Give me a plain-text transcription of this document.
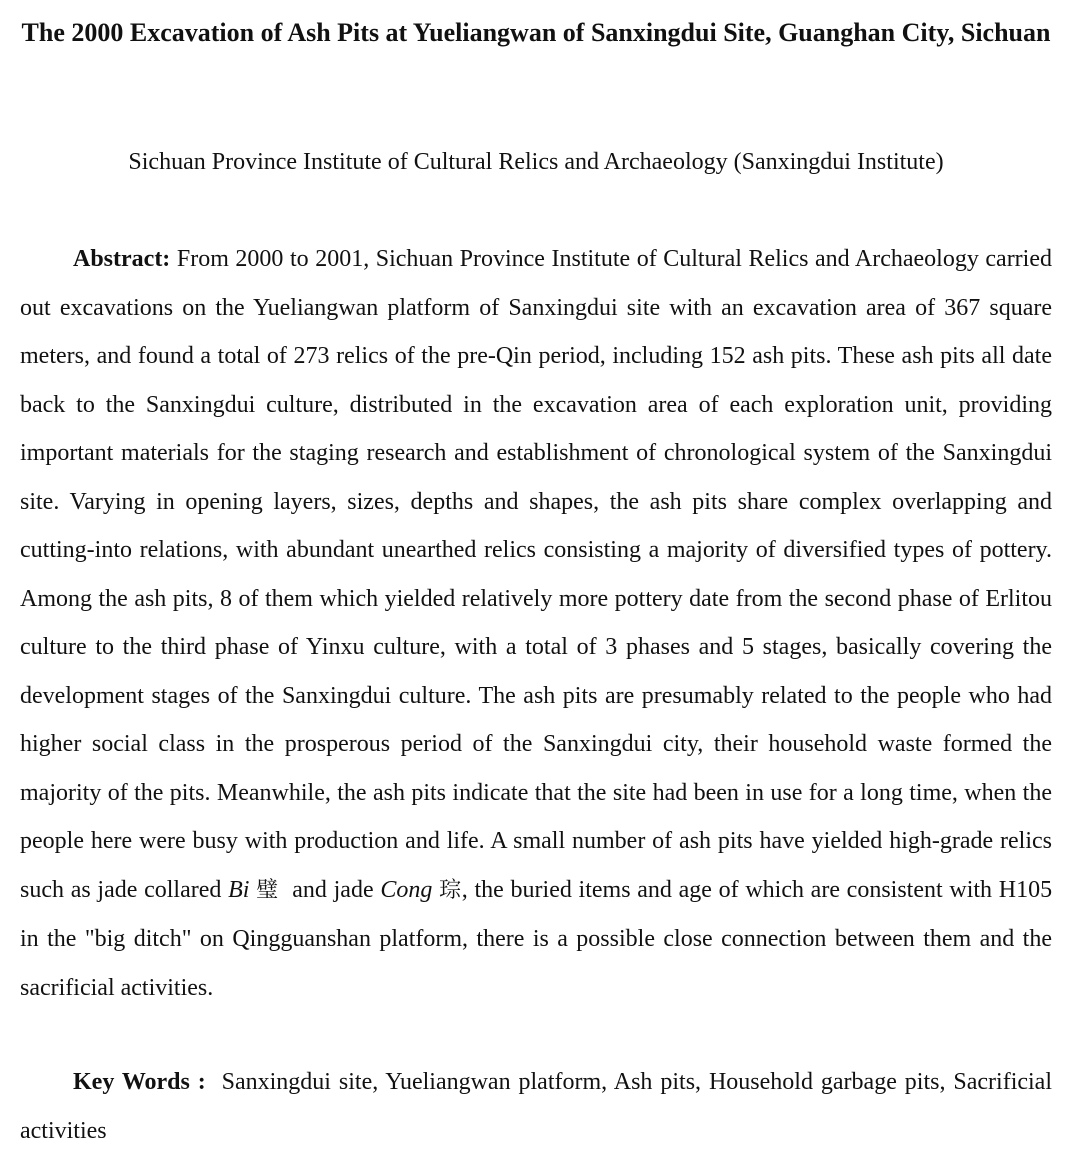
The 2000 Excavation of Ash Pits at Yueliangwan of Sanxingdui Site, Guanghan City, Sichuan

Sichuan Province Institute of Cultural Relics and Archaeology (Sanxingdui Institute)

Abstract: From 2000 to 2001, Sichuan Province Institute of Cultural Relics and Archaeology carried out excavations on the Yueliangwan platform of Sanxingdui site with an excavation area of 367 square meters, and found a total of 273 relics of the pre-Qin period, including 152 ash pits. These ash pits all date back to the Sanxingdui culture, distributed in the excavation area of each exploration unit, providing important materials for the staging research and establishment of chronological system of the Sanxingdui site. Varying in opening layers, sizes, depths and shapes, the ash pits share complex overlapping and cutting-into relations, with abundant unearthed relics consisting a majority of diversified types of pottery. Among the ash pits, 8 of them which yielded relatively more pottery date from the second phase of Erlitou culture to the third phase of Yinxu culture, with a total of 3 phases and 5 stages, basically covering the development stages of the Sanxingdui culture. The ash pits are presumably related to the people who had higher social class in the prosperous period of the Sanxingdui city, their household waste formed the majority of the pits. Meanwhile, the ash pits indicate that the site had been in use for a long time, when the people here were busy with production and life. A small number of ash pits have yielded high-grade relics such as jade collared Bi 璧 and jade Cong 琮, the buried items and age of which are consistent with H105 in the "big ditch" on Qingguanshan platform, there is a possible close connection between them and the sacrificial activities.

Key Words : Sanxingdui site, Yueliangwan platform, Ash pits, Household garbage pits, Sacrificial activities
